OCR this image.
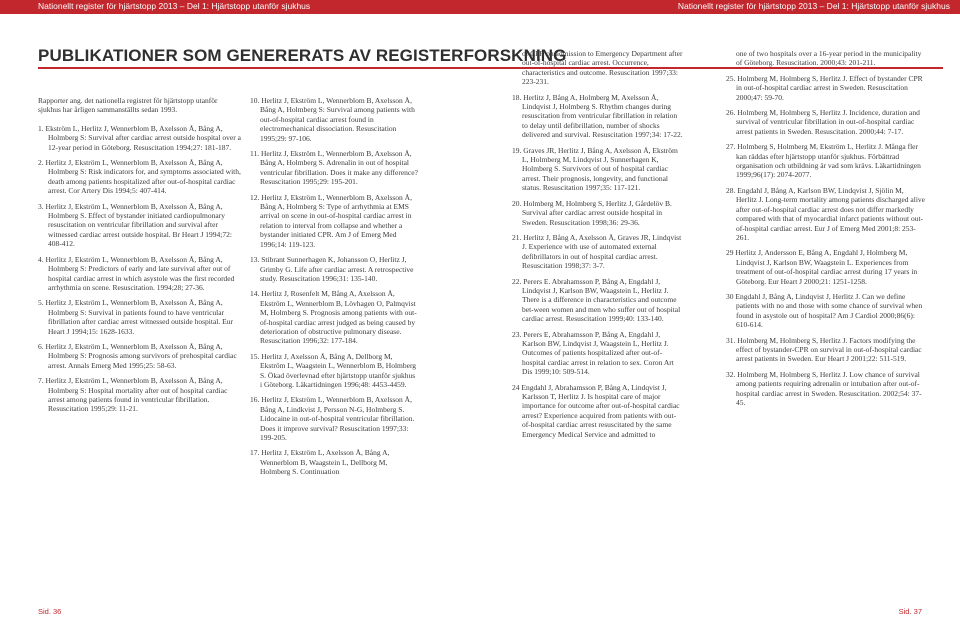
Nationellt register för hjärtstopp 2013 – Del 1: Hjärtstopp utanför sjukhus	Nationellt register för hjärtstopp 2013 – Del 1: Hjärtstopp utanför sjukhus
PUBLIKATIONER SOM GENERERATS AV REGISTERFORSKNING

Rapporter ang. det nationella registret för hjärtstopp utanför sjukhus har årligen sammanställts sedan 1993.

1. Ekström L, Herlitz J, Wennerblom B, Axelsson Å, Bång A, Holmberg S: Survival after cardiac arrest outside hospital over a 12-year period in Göteborg. Resuscitation 1994;27: 181-187.

2. Herlitz J, Ekström L, Wennerblom B, Axelsson Å, Bång A, Holmberg S: Risk indicators for, and symptoms associated with, death among patients hospitalized after out-of-hospital cardiac arrest. Cor Artery Dis 1994;5: 407-414.

3. Herlitz J, Ekström L, Wennerblom B, Axelsson Å, Bång A, Holmberg S. Effect of bystander initiated cardiopulmonary resuscitation on ventricular fibrillation and survival after witnessed cardiac arrest outside hospital. Br Heart J 1994;72: 408-412.

4. Herlitz J, Ekström L, Wennerblom B, Axelsson Å, Bång A, Holmberg S: Predictors of early and late survival after out of hospital cardiac arrest in which asystole was the first recorded arrhythmia on scene. Resuscitation. 1994;28; 27-36.

5. Herlitz J, Ekström L, Wennerblom B, Axelsson Å, Bång A, Holmberg S: Survival in patients found to have ventricular fibrillation after cardiac arrest witnessed outside hospital. Eur Heart J 1994;15: 1628-1633.

6. Herlitz J, Ekström L, Wennerblom B, Axelsson Å, Bång A, Holmberg S: Prognosis among survivors of prehospital cardiac arrest. Annals Emerg Med 1995;25: 58-63.

7. Herlitz J, Ekström L, Wennerblom B, Axelsson Å, Bång A, Holmberg S: Hospital mortality after out of hospital cardiac arrest among patients found in ventricular fibrillation. Resuscitation 1995;29: 11-21.

10. Herlitz J, Ekström L, Wennerblom B, Axelsson Å, Bång A, Holmberg S: Survival among patients with out-of-hospital cardiac arrest found in electromechanical dissociation. Resuscitation 1995;29: 97-106.

11. Herlitz J, Ekström L, Wennerblom B, Axelsson Å, Bång A, Holmberg S. Adrenalin in out of hospital ventricular fibrillation. Does it make any difference? Resuscitation 1995;29: 195-201.

12. Herlitz J, Ekström L, Wennerblom B, Axelsson Å, Bång A, Holmberg S: Type of arrhythmia at EMS arrival on scene in out-of-hospital cardiac arrest in relation to interval from collapse and whether a bystander initiated CPR. Am J of Emerg Med 1996;14: 119-123.

13. Stibrant Sunnerhagen K, Johansson O, Herlitz J, Grimby G. Life after cardiac arrest. A retrospective study. Resuscitation 1996;31: 135-140.

14. Herlitz J, Rosenfelt M, Bång A, Axelsson Å, Ekström L, Wennerblom B, Lövhagen O, Palmqvist M, Holmberg S. Prognosis among patients with out-of-hospital cardiac arrest judged as being caused by deterioration of obstructive pulmonary disease. Resuscitation 1996;32: 177-184.

15. Herlitz J, Axelsson Å, Bång A, Dellborg M, Ekström L, Waagstein L, Wennerblom B, Holmberg S. Ökad överlevnad efter hjärtstopp utanför sjukhus i Göteborg. Läkartidningen 1996;48: 4453-4459.

16. Herlitz J, Ekström L, Wennerblom B, Axelsson Å, Bång A, Lindkvist J, Persson N-G, Holmberg S. Lidocaine in out-of-hospital ventricular fibrillation. Does it improve survival? Resuscitation 1997;33: 199-205.

17. Herlitz J, Ekström L, Axelsson Å, Bång A, Wennerblom B, Waagstein L, Dellborg M, Holmberg S. Continuation

of CPR on admission to Emergency Department after out-of-hospital cardiac arrest. Occurrence, characteristics and outcome. Resuscitation 1997;33: 223-231.

18. Herlitz J, Bång A, Holmberg M, Axelsson Å, Lindqvist J, Holmberg S. Rhythm changes during resuscitation from ventricular fibrillation in relation to delay until defibrillation, number of shocks delivered and survival. Resuscitation 1997;34: 17-22.

19. Graves JR, Herlitz J, Bång A, Axelsson Å, Ekström L, Holmberg M, Lindqvist J, Sunnerhagen K, Holmberg S. Survivors of out of hospital cardiac arrest. Their prognosis, longevity, and functional status. Resuscitation 1997;35: 117-121.

20. Holmberg M, Holmberg S, Herlitz J, Gårdelöv B. Survival after cardiac arrest outside hospital in Sweden. Resuscitation 1998;36: 29-36.

21. Herlitz J, Bång A, Axelsson Å, Graves JR, Lindqvist J. Experience with use of automated external defibrillators in out of hospital cardiac arrest. Resuscitation 1998;37: 3-7.

22. Perers E. Abrahamsson P, Bång A, Engdahl J, Lindqvist J, Karlson BW, Waagstein L, Herlitz J. There is a difference in characteristics and outcome bet-ween women and men who suffer out of hospital cardiac arrest. Resuscitation 1999;40: 133-140.

23. Perers E, Abrahamsson P, Bång A, Engdahl J, Karlson BW, Lindqvist J, Waagstein L, Herlitz J. Outcomes of patients hospitalized after out-of-hospital cardiac arrest in relation to sex. Coron Art Dis 1999;10: 509-514.

24 Engdahl J, Abrahamsson P, Bång A, Lindqvist J, Karlsson T, Herlitz J. Is hospital care of major importance for outcome after out-of-hospital cardiac arrest? Experience acquired from patients with out-of-hospital cardiac arrest resuscitated by the same Emergency Medical Service and admitted to

one of two hospitals over a 16-year period in the municipality of Göteborg. Resuscitation. 2000;43: 201-211.

25. Holmberg M, Holmberg S, Herlitz J. Effect of bystander CPR in out-of-hospital cardiac arrest in Sweden. Resuscitation 2000;47: 59-70.

26. Holmberg M, Holmberg S, Herlitz J. Incidence, duration and survival of ventricular fibrillation in out-of-hospital cardiac arrest patients in Sweden. Resuscitation. 2000;44: 7-17.

27. Holmberg S, Holmberg M, Ekström L, Herlitz J. Många fler kan räddas efter hjärtstopp utanför sjukhus. Förbättrad organisation och utbildning är vad som krävs. Läkartidningen 1999;96(17): 2074-2077.

28. Engdahl J, Bång A, Karlson BW, Lindqvist J, Sjölin M, Herlitz J. Long-term mortality among patients discharged alive after out-of-hospital cardiac arrest does not differ markedly compared with that of myocardial infarct patients without out-of-hospital cardiac arrest. Eur J of Emerg Med 2001;8: 253-261.

29 Herlitz J, Andersson E, Bång A, Engdahl J, Holmberg M, Lindqvist J, Karlson BW, Waagstein L. Experiences from treatment of out-of-hospital cardiac arrest during 17 years in Göteborg. Eur Heart J 2000;21: 1251-1258.

30 Engdahl J, Bång A, Lindqvist J, Herlitz J. Can we define patients with no and those with some chance of survival when found in asystole out of hospital? Am J Cardiol 2000;86(6): 610-614.

31. Holmberg M, Holmberg S, Herlitz J. Factors modifying the effect of bystander-CPR on survival in out-of-hospital cardiac arrest patients in Sweden. Eur Heart J 2001;22: 511-519.

32. Holmberg M, Holmberg S, Herlitz J. Low chance of survival among patients requiring adrenalin or intubation after out-of-hospital cardiac arrest in Sweden. Resuscitation. 2002;54: 37-45.

Sid. 36	Sid. 37
